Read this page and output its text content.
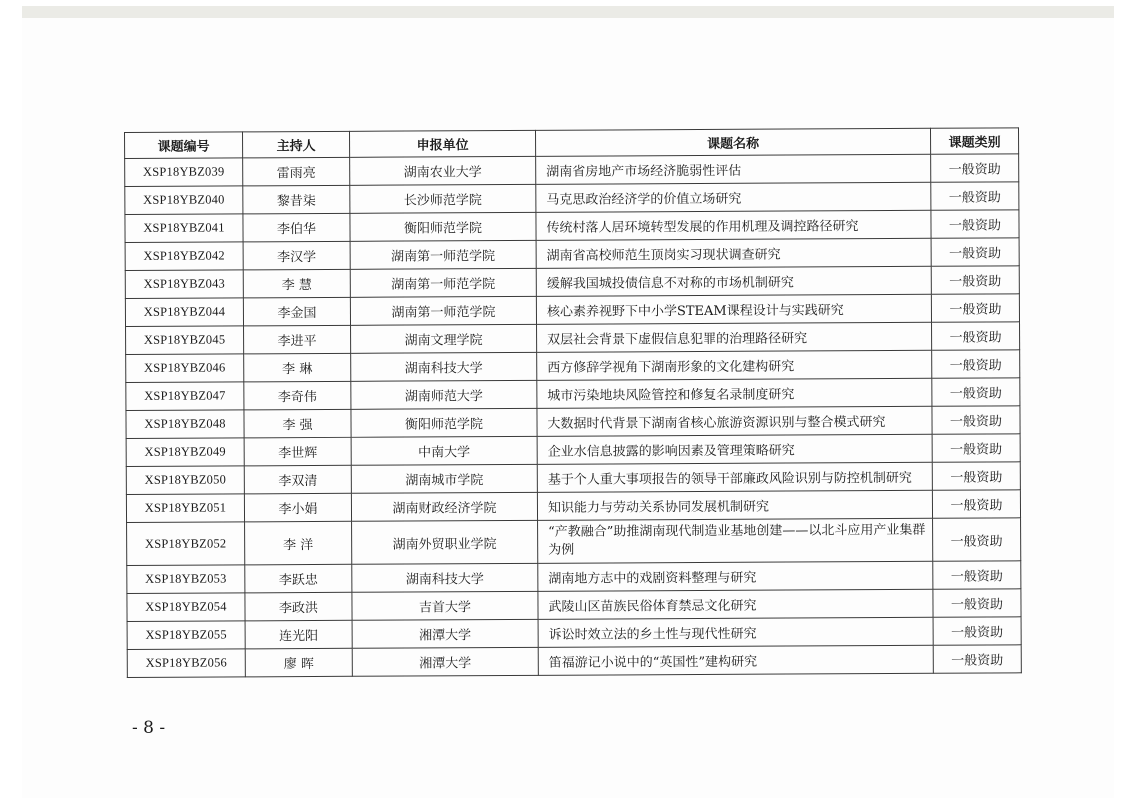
课题编号	主持人	申报单位	课题名称	课题类别
XSP18YBZ039	雷雨亮	湖南农业大学	湖南省房地产市场经济脆弱性评估	一般资助
XSP18YBZ040	黎昔柒	长沙师范学院	马克思政治经济学的价值立场研究	一般资助
XSP18YBZ041	李伯华	衡阳师范学院	传统村落人居环境转型发展的作用机理及调控路径研究	一般资助
XSP18YBZ042	李汉学	湖南第一师范学院	湖南省高校师范生顶岗实习现状调查研究	一般资助
XSP18YBZ043	李 慧	湖南第一师范学院	缓解我国城投债信息不对称的市场机制研究	一般资助
XSP18YBZ044	李金国	湖南第一师范学院	核心素养视野下中小学STEAM课程设计与实践研究	一般资助
XSP18YBZ045	李进平	湖南文理学院	双层社会背景下虚假信息犯罪的治理路径研究	一般资助
XSP18YBZ046	李 琳	湖南科技大学	西方修辞学视角下湖南形象的文化建构研究	一般资助
XSP18YBZ047	李奇伟	湖南师范大学	城市污染地块风险管控和修复名录制度研究	一般资助
XSP18YBZ048	李 强	衡阳师范学院	大数据时代背景下湖南省核心旅游资源识别与整合模式研究	一般资助
XSP18YBZ049	李世辉	中南大学	企业水信息披露的影响因素及管理策略研究	一般资助
XSP18YBZ050	李双清	湖南城市学院	基于个人重大事项报告的领导干部廉政风险识别与防控机制研究	一般资助
XSP18YBZ051	李小娟	湖南财政经济学院	知识能力与劳动关系协同发展机制研究	一般资助
XSP18YBZ052	李 洋	湖南外贸职业学院	“产教融合”助推湖南现代制造业基地创建——以北斗应用产业集群为例	一般资助
XSP18YBZ053	李跃忠	湖南科技大学	湖南地方志中的戏剧资料整理与研究	一般资助
XSP18YBZ054	李政洪	吉首大学	武陵山区苗族民俗体育禁忌文化研究	一般资助
XSP18YBZ055	连光阳	湘潭大学	诉讼时效立法的乡土性与现代性研究	一般资助
XSP18YBZ056	廖 晖	湘潭大学	笛福游记小说中的“英国性”建构研究	一般资助
- 8 -
